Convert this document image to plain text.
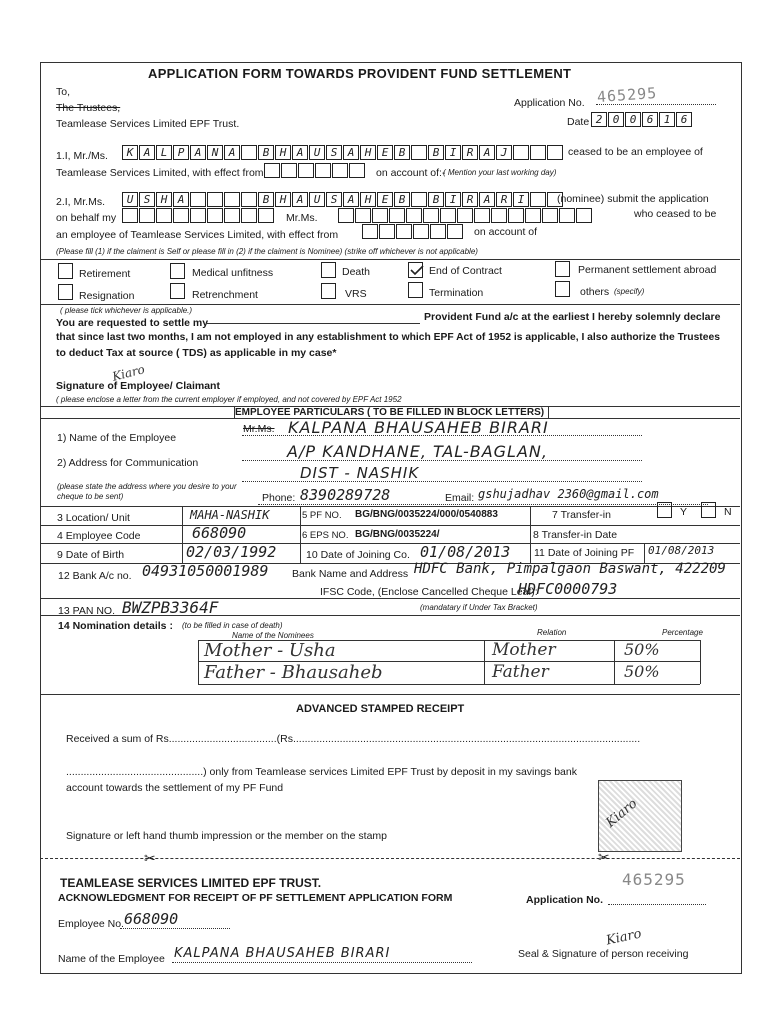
APPLICATION FORM TOWARDS PROVIDENT FUND SETTLEMENT
To,
The Trustees,
Teamlease Services Limited EPF Trust.
Application No. 465295
Date 2 0 0 6 1 6
1.I, Mr./Ms.	K A L P A N A	B H A U S A H E B	B I R A J	ceased to be an employee of
Teamlease Services Limited, with effect from	on account of:-
( Mention your last working day)
2.I, Mr.Ms.	U S H A	B H A U S A H E B	B I R A R I	(nominee) submit the application
on behalf my	Mr.Ms.	who ceased to be
an employee of Teamlease Services Limited, with effect from	on account of
(Please fill (1) if the claiment is Self or please fill in (2) if the claiment is Nominee) (strike off whichever is not applicable)
Retirement	Medical unfitness	Death	End of Contract	Permanent settlement abroad
Resignation	Retrenchment	VRS	Termination	others (specify)
( please tick whichever is applicable.)
You are requested to settle my	Provident Fund a/c at the earliest I hereby solemnly declare
that since last two months, I am not employed in any establishment to which EPF Act of 1952 is applicable, I also authorize the Trustees
to deduct Tax at source ( TDS) as applicable in my case*
Signature of Employee/ Claimant
Kiaro
( please enclose a letter from the current employer if employed, and not covered by EPF Act 1952
EMPLOYEE PARTICULARS ( TO BE FILLED IN BLOCK LETTERS)
1) Name of the Employee
Mr.Ms. KALPANA BHAUSAHEB BIRARI
2) Address for Communication
A/P KANDHANE, TAL-BAGLAN,
DIST - NASHIK
(please state the address where you desire to your cheque to be sent)	Phone: 8390289728	Email: gshujadhav 2360@gmail.com
3 Location/ Unit	MAHA-NASHIK	5 PF NO. BG/BNG/0035224/000/0540883	7 Transfer-in	Y	N
4 Employee Code	668090	6 EPS NO. BG/BNG/0035224/	8 Transfer-in Date
9 Date of Birth	02/03/1992	10 Date of Joining Co. 01/08/2013 11 Date of Joining PF 01/08/2013
12 Bank A/c no. 04931050001989 Bank Name and Address HDFC Bank, Pimpalgaon Baswant, 422209
IFSC Code, (Enclose Cancelled Cheque Leaf):
HDFC0000793
13 PAN NO. BWZPB3364F	(mandatary if Under Tax Bracket)
14 Nomination details : (to be filled in case of death)
Name of the Nominees	Relation	Percentage
Mother - Usha	Mother	50%
Father - Bhausaheb	Father	50%
ADVANCED STAMPED RECEIPT
Received a sum of Rs.....................................(Rs.......................................................................................................................
...............................................) only from Teamlease services Limited EPF Trust by deposit in my savings bank
account towards the settlement of my PF Fund
Kiaro
Signature or left hand thumb impression or the member on the stamp
✂	✂
TEAMLEASE SERVICES LIMITED EPF TRUST.
ACKNOWLEDGMENT FOR RECEIPT OF PF SETTLEMENT APPLICATION FORM
465295
Application No.
Employee No. 668090
Name of the Employee KALPANA BHAUSAHEB BIRARI	Seal & Signature of person receiving
Kiaro
